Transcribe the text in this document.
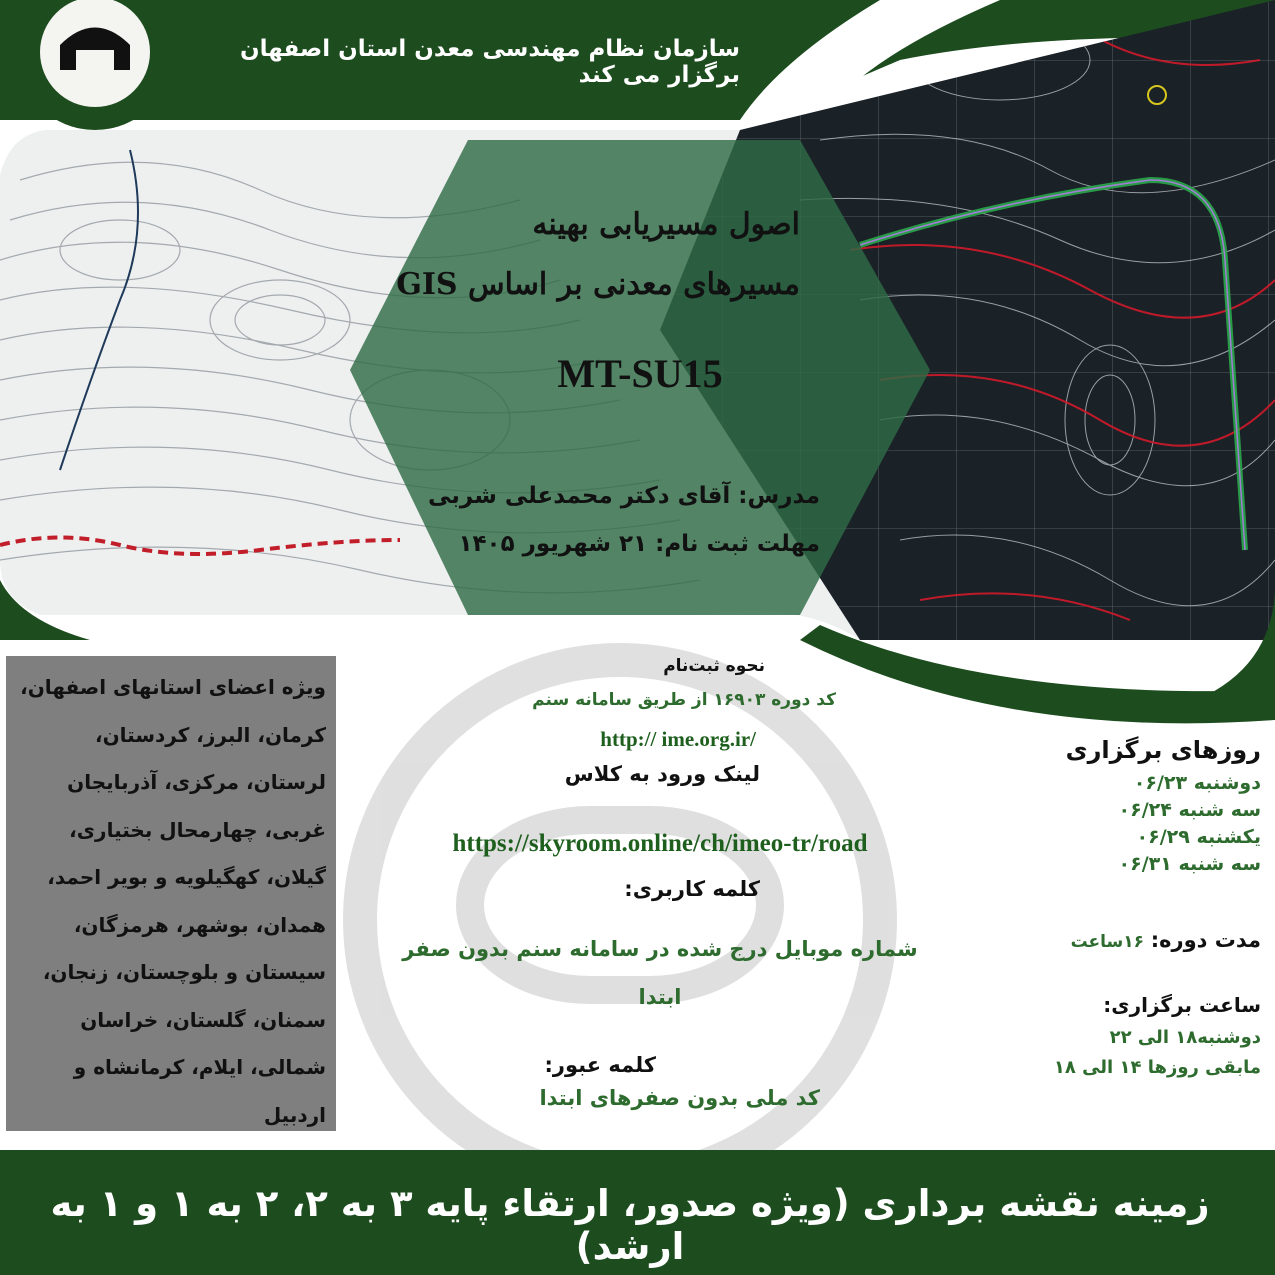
سازمان نظام مهندسی معدن استان اصفهان برگزار می کند
اصول مسیریابی بهینه
مسیرهای معدنی بر اساس GIS
MT-SU15
مدرس: آقای دکتر محمدعلی شربی
مهلت ثبت نام: ۲۱ شهریور ۱۴۰۵
ویژه اعضای استانهای اصفهان،
کرمان، البرز، کردستان،
لرستان، مرکزی، آذربایجان
غربی، چهارمحال بختیاری،
گیلان، کهگیلویه و بویر احمد،
همدان، بوشهر، هرمزگان،
سیستان و بلوچستان، زنجان،
سمنان، گلستان، خراسان
شمالی، ایلام، کرمانشاه و
اردبیل
نحوه ثبت‌نام
کد دوره ۱۶۹۰۳ از طریق سامانه سنم
http:// ime.org.ir/
لینک ورود به کلاس
https://skyroom.online/ch/imeo-tr/road
کلمه کاربری:
شماره موبایل درج شده در سامانه سنم بدون صفر
ابتدا
کلمه عبور:
کد ملی بدون صفرهای ابتدا
روزهای برگزاری
دوشنبه ۰۶/۲۳
سه شنبه ۰۶/۲۴
یکشنبه ۰۶/۲۹
سه شنبه ۰۶/۳۱
مدت دوره: ۱۶ساعت
ساعت برگزاری:
دوشنبه۱۸ الی ۲۲
مابقی روزها ۱۴ الی ۱۸
زمینه نقشه برداری (ویژه صدور، ارتقاء پایه ۳ به ۲، ۲ به ۱ و ۱ به ارشد)
